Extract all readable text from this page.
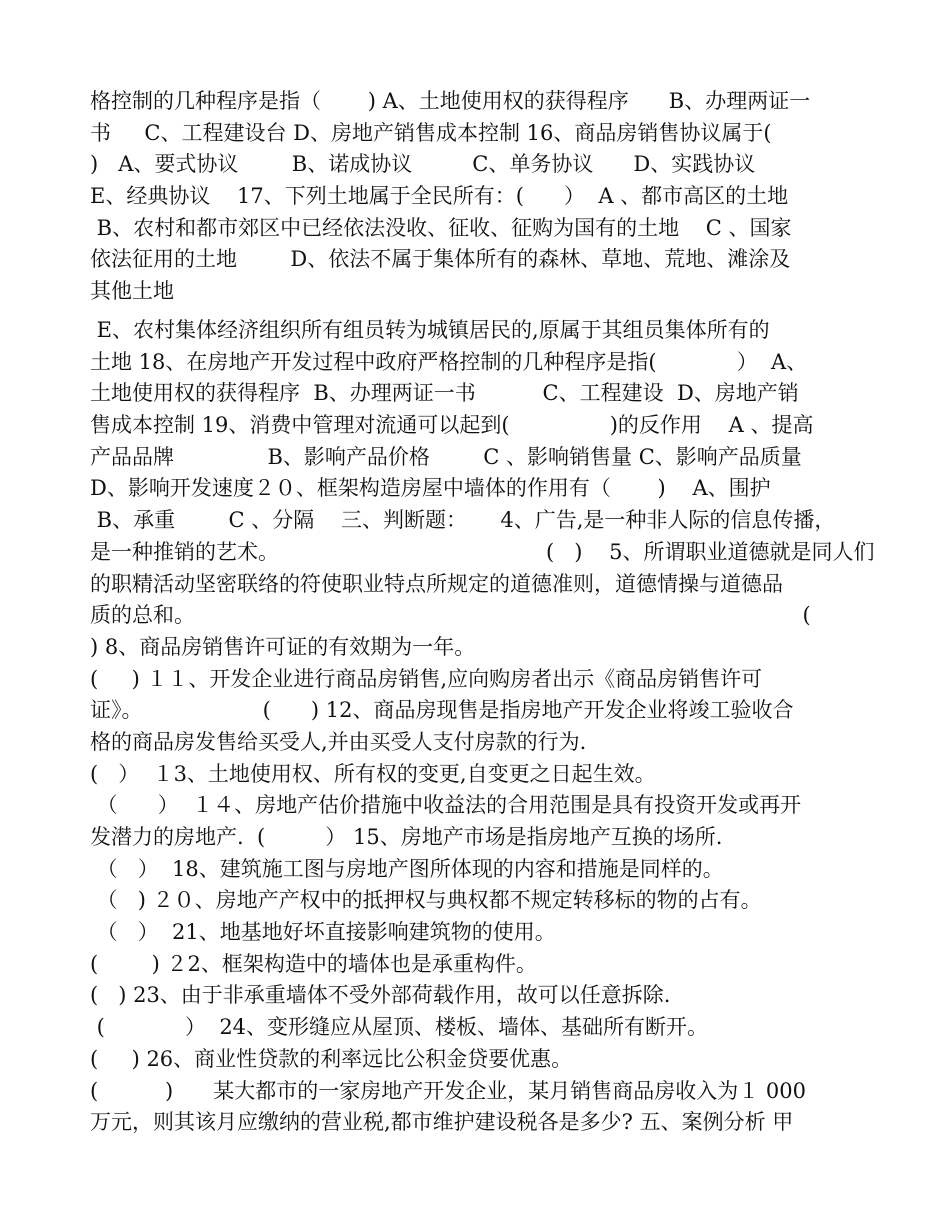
格控制的几种程序是指（       ) A、土地使用权的获得程序      B、办理两证一
书     C、工程建设台 D、房地产销售成本控制 16、商品房销售协议属于(
)   A、要式协议        B、诺成协议         C、单务协议      D、实践协议
E、经典协议    17、下列土地属于全民所有：(      ）  A 、都市高区的土地
B、农村和都市郊区中已经依法没收、征收、征购为国有的土地    C 、国家
依法征用的土地        D、依法不属于集体所有的森林、草地、荒地、滩涂及
其他土地
E、农村集体经济组织所有组员转为城镇居民的,原属于其组员集体所有的
土地 18、在房地产开发过程中政府严格控制的几种程序是指(            ）  A、
土地使用权的获得程序  B、办理两证一书          C、工程建设  D、房地产销
售成本控制 19、消费中管理对流通可以起到(               )的反作用    A 、提高
产品品牌              B、影响产品价格        C 、影响销售量 C、影响产品质量
D、影响开发速度２０、框架构造房屋中墙体的作用有（       )    A、围护
B、承重        C 、分隔    三、判断题：     4、广告,是一种非人际的信息传播，
是一种推销的艺术。                                        (   )    5、所谓职业道德就是同人们
的职精活动坚密联络的符使职业特点所规定的道德准则，道德情操与道德品
质的总和。                                                                                           (
) 8、商品房销售许可证的有效期为一年。
(     ) １１、开发企业进行商品房销售,应向购房者出示《商品房销售许可
证》。                  (      ) 12、商品房现售是指房地产开发企业将竣工验收合
格的商品房发售给买受人,并由买受人支付房款的行为.
(   ）  １3、土地使用权、所有权的变更,自变更之日起生效。
（      ）  １４、房地产估价措施中收益法的合用范围是具有投资开发或再开
发潜力的房地产.  (         ） 15、房地产市场是指房地产互换的场所.
（   ）  18、建筑施工图与房地产图所体现的内容和措施是同样的。
（   ) ２０、房地产产权中的抵押权与典权都不规定转移标的物的占有。
（   ）  21、地基地好坏直接影响建筑物的使用。
(        ) ２2、框架构造中的墙体也是承重构件。
(   ) 23、由于非承重墙体不受外部荷载作用，故可以任意拆除.
(            ）  24、变形缝应从屋顶、楼板、墙体、基础所有断开。
(     ) 26、商业性贷款的利率远比公积金贷要优惠。
(          )      某大都市的一家房地产开发企业，某月销售商品房收入为１ 000
万元，则其该月应缴纳的营业税,都市维护建设税各是多少? 五、案例分析 甲
